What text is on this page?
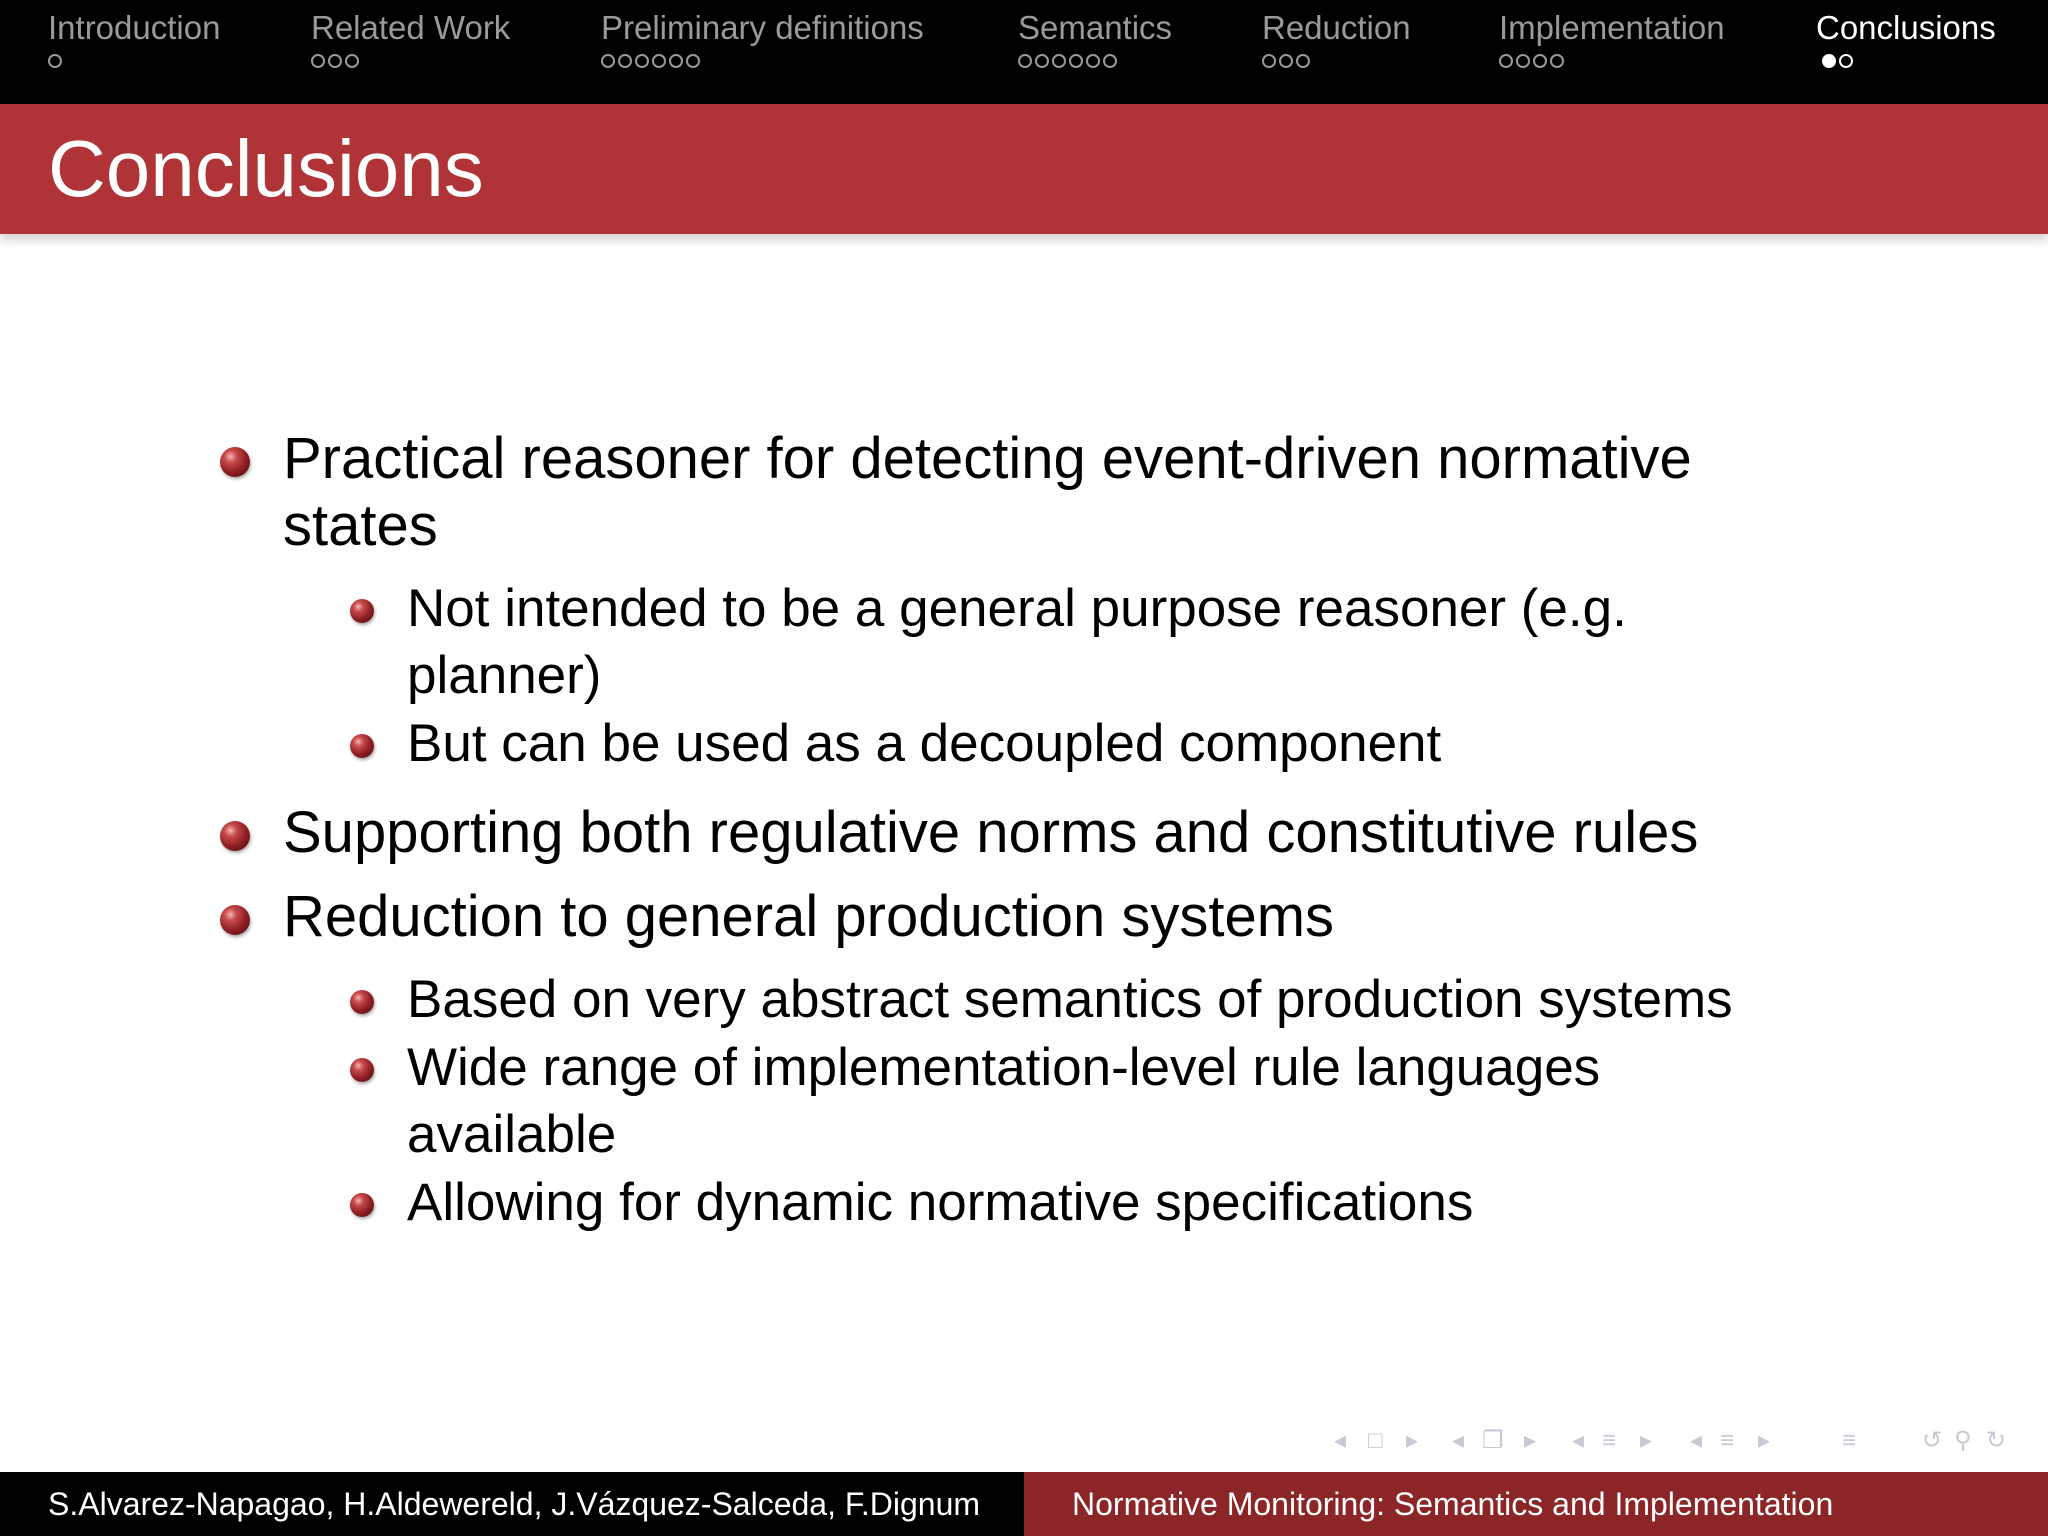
Introduction	Related Work	Preliminary definitions	Semantics	Reduction	Implementation	Conclusions
Conclusions
Practical reasoner for detecting event-driven normative
states
Not intended to be a general purpose reasoner (e.g.
planner)
But can be used as a decoupled component
Supporting both regulative norms and constitutive rules
Reduction to general production systems
Based on very abstract semantics of production systems
Wide range of implementation-level rule languages
available
Allowing for dynamic normative specifications
◂ □ ▸ ◂ ❐ ▸ ◂ ≡ ▸ ◂ ≡ ▸	≡	↺ ⚲ ↻
S.Alvarez-Napagao, H.Aldewereld, J.Vázquez-Salceda, F.Dignum	Normative Monitoring: Semantics and Implementation
